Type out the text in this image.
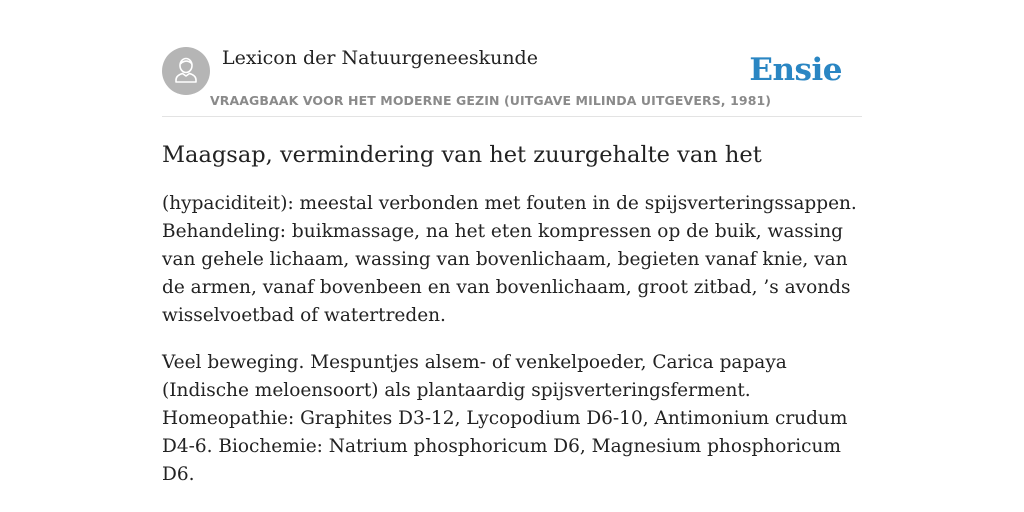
Lexicon der Natuurgeneeskunde
VRAAGBAAK VOOR HET MODERNE GEZIN (UITGAVE MILINDA UITGEVERS, 1981)
Ensie
Maagsap, vermindering van het zuurgehalte van het

(hypaciditeit): meestal verbonden met fouten in de spijsverteringssappen. Behandeling: buikmassage, na het eten kompressen op de buik, wassing van gehele lichaam, wassing van bovenlichaam, begieten vanaf knie, van de armen, vanaf bovenbeen en van bovenlichaam, groot zitbad, ’s avonds wisselvoetbad of watertreden.

Veel beweging. Mespuntjes alsem- of venkelpoeder, Carica papaya (Indische meloensoort) als plantaardig spijsverteringsferment. Homeopathie: Graphites D3-12, Lycopodium D6-10, Antimonium crudum D4-6. Biochemie: Natrium phosphoricum D6, Magnesium phosphoricum D6.
